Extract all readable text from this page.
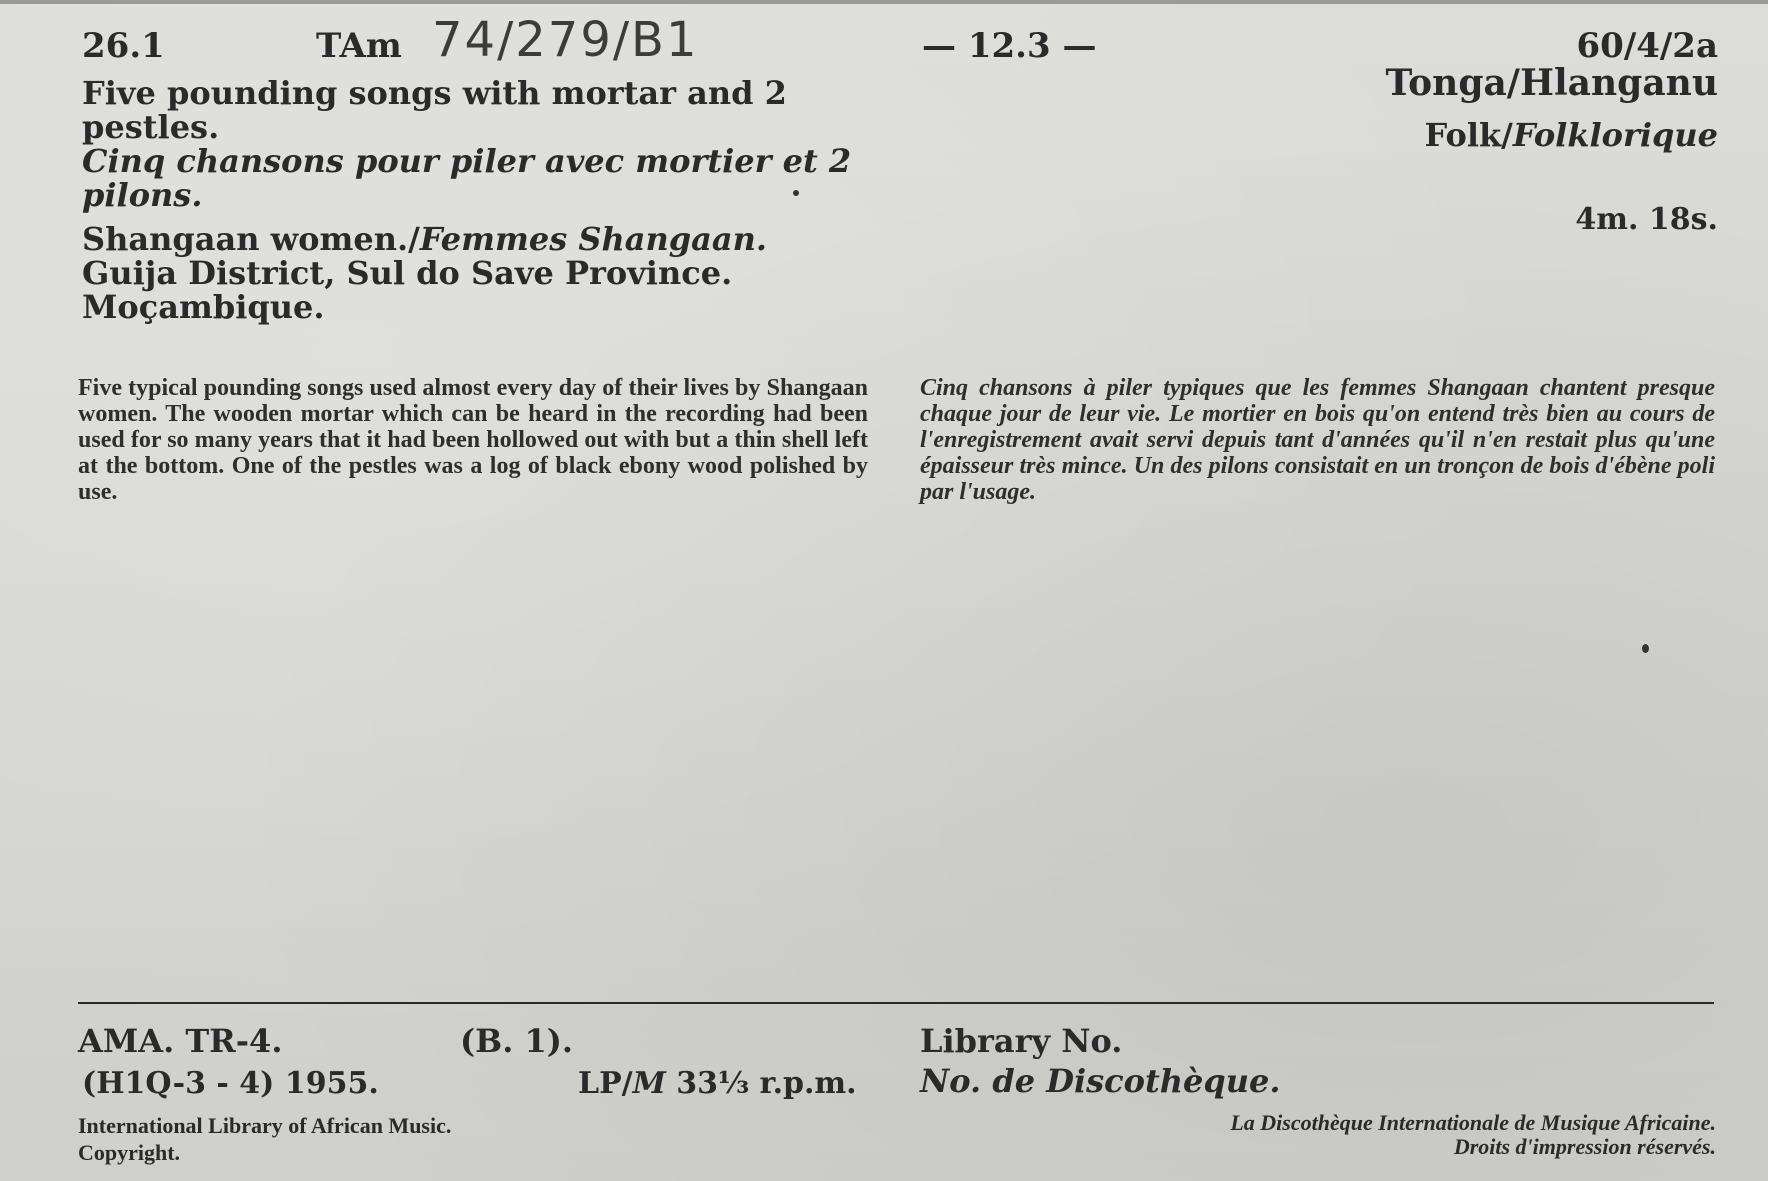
26.1	TAm 74/279/B1	— 12.3 —	60/4/2a
Five pounding songs with mortar and 2 pestles.
Cinq chansons pour piler avec mortier et 2 pilons.
Shangaan women./Femmes Shangaan.
Guija District, Sul do Save Province.
Moçambique.
Tonga/Hlanganu
Folk/Folklorique
4m. 18s.
Five typical pounding songs used almost every day of their lives by Shangaan women. The wooden mortar which can be heard in the recording had been used for so many years that it had been hollowed out with but a thin shell left at the bottom. One of the pestles was a log of black ebony wood polished by use.
Cinq chansons à piler typiques que les femmes Shangaan chantent presque chaque jour de leur vie. Le mortier en bois qu'on entend très bien au cours de l'enregistrement avait servi depuis tant d'années qu'il n'en restait plus qu'une épaisseur très mince. Un des pilons consistait en un tronçon de bois d'ébène poli par l'usage.
AMA. TR-4.	(B. 1).
(H1Q-3 - 4) 1955.	LP/M 33⅓ r.p.m.
Library No.
No. de Discothèque.
International Library of African Music.
Copyright.
La Discothèque Internationale de Musique Africaine.
Droits d'impression réservés.
